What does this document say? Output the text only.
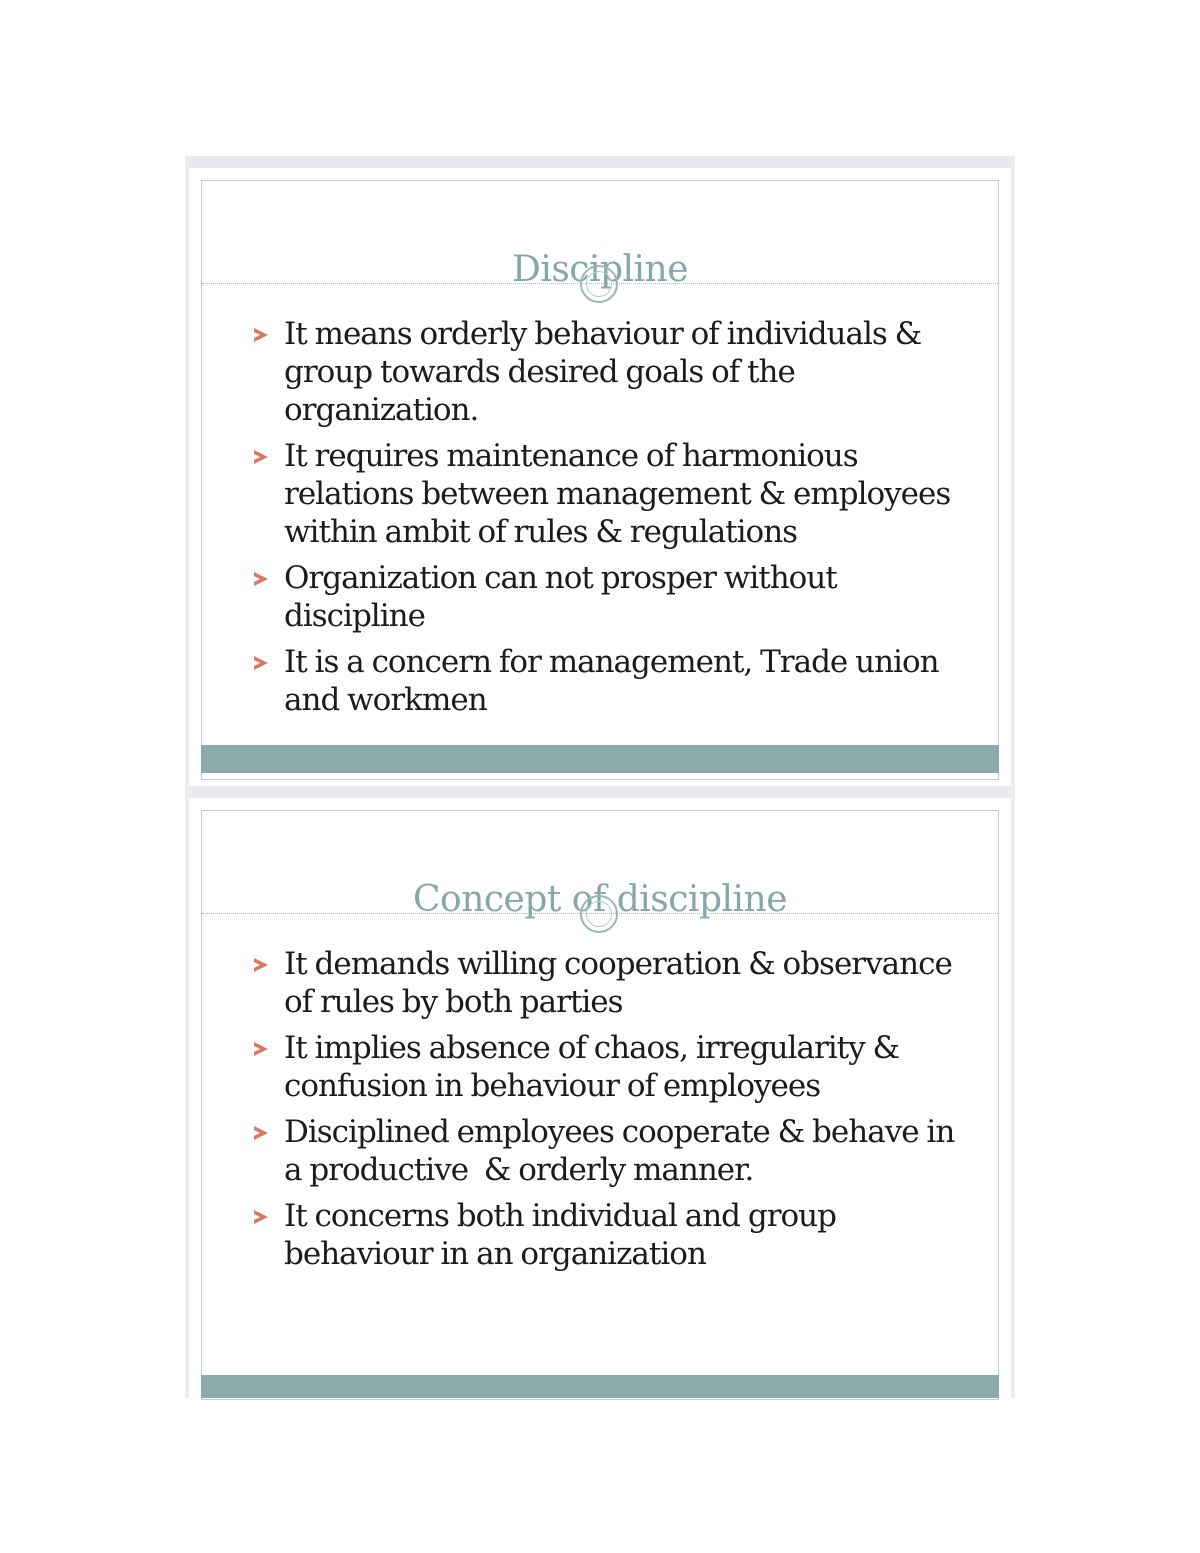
Discipline
It means orderly behaviour of individuals & group towards desired goals of the organization.
It requires maintenance of harmonious relations between management & employees within ambit of rules & regulations
Organization can not prosper without discipline
It is a concern for management, Trade union and workmen
Concept of discipline
It demands willing cooperation & observance of rules by both parties
It implies absence of chaos, irregularity & confusion in behaviour of employees
Disciplined employees cooperate & behave in a productive  & orderly manner.
It concerns both individual and group behaviour in an organization
